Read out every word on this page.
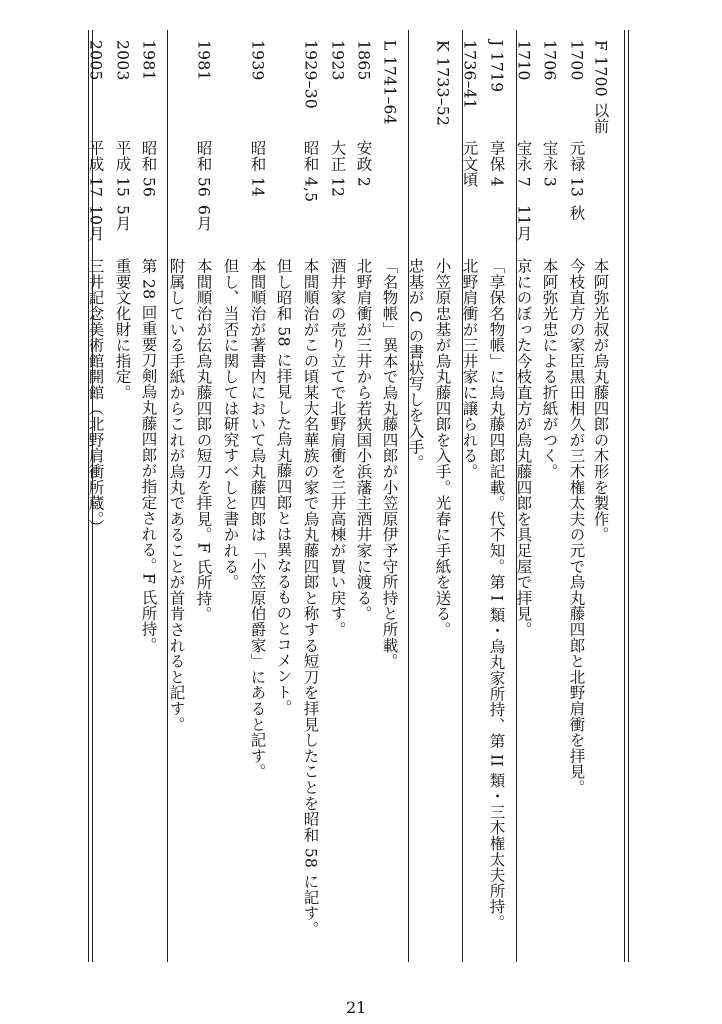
F 1700 以前
本阿弥光叔が烏丸藤四郎の木形を製作。
1700
元禄 13
秋
今枝直方の家臣黒田相久が三木権太夫の元で烏丸藤四郎と北野肩衝を拝見。
1706
宝永 3
本阿弥光忠による折紙がつく。
1710
宝永 7
11月
京にのぼった今枝直方が烏丸藤四郎を具足屋で拝見。
J 1719
享保 4
「享保名物帳」に烏丸藤四郎記載。代不知。第 I 類・烏丸家所持、第 II 類・三木権太夫所持。
1736–41
元文頃
北野肩衝が三井家に譲られる。
K 1733–52
小笠原忠基が烏丸藤四郎を入手。光春に手紙を送る。
忠基が C の書状写しを入手。
L 1741–64
「名物帳」異本で烏丸藤四郎が小笠原伊予守所持と所載。
1865
安政 2
北野肩衝が三井から若狭国小浜藩主酒井家に渡る。
1923
大正 12
酒井家の売り立てで北野肩衝を三井高棟が買い戻す。
1929–30
昭和 4,5
本間順治がこの頃某大名華族の家で烏丸藤四郎と称する短刀を拝見したことを昭和 58 に記す。
但し昭和 58 に拝見した烏丸藤四郎とは異なるものとコメント。
1939
昭和 14
本間順治が著書内において烏丸藤四郎は「小笠原伯爵家」にあると記す。
但し、当否に関しては研究すべしと書かれる。
1981
昭和 56
6月
本間順治が伝烏丸藤四郎の短刀を拝見。F 氏所持。
附属している手紙からこれが烏丸であることが首肯されると記す。
1981
昭和 56
第 28 回重要刀剣烏丸藤四郎が指定される。F 氏所持。
2003
平成 15
5月
重要文化財に指定。
2005
平成 17
10月
三井記念美術館開館（北野肩衝所蔵。）
21
